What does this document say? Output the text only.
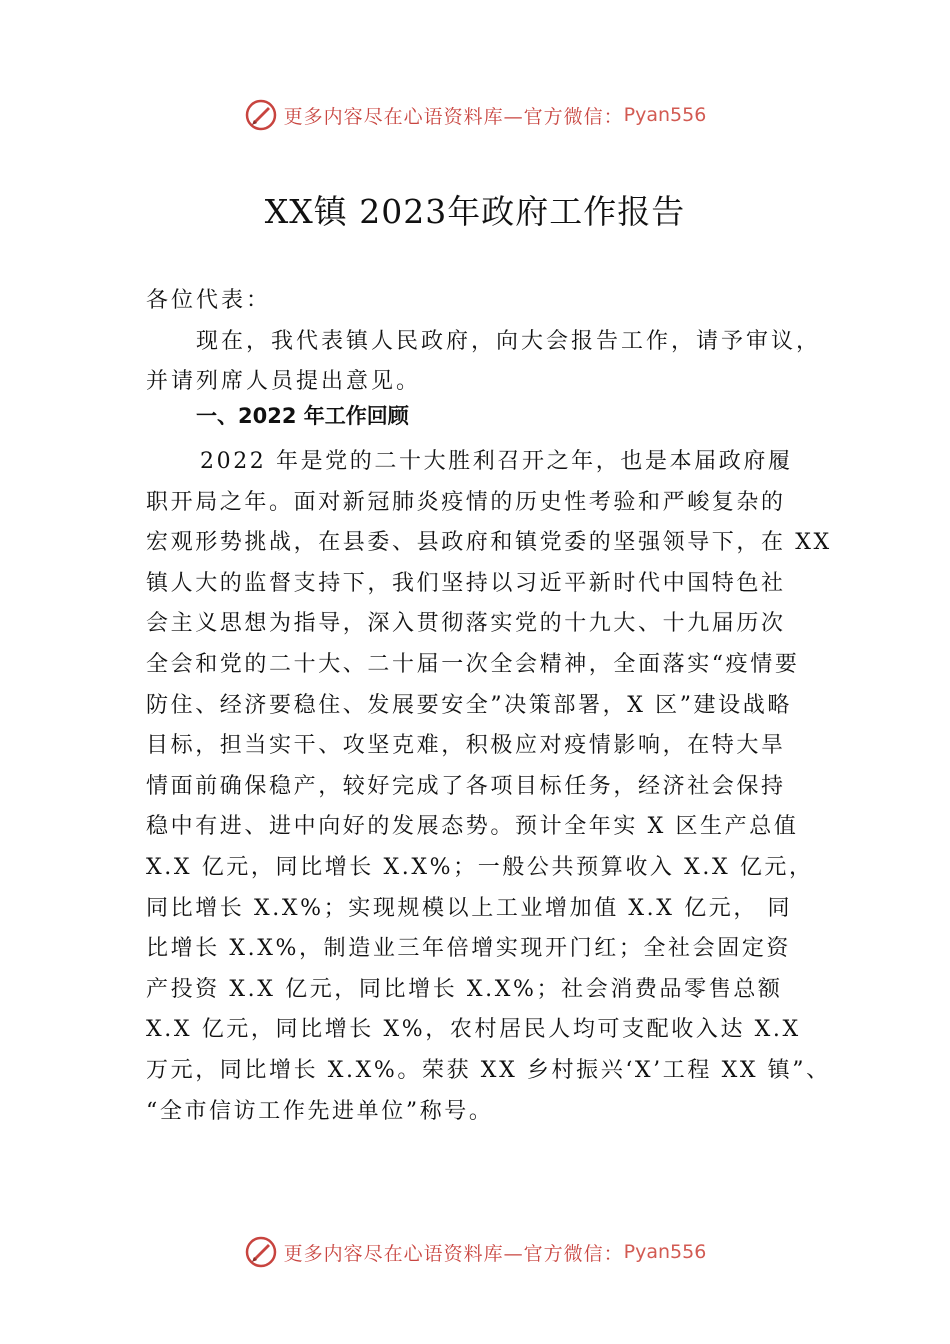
更多内容尽在心语资料库—官方微信： Pyan556
XX镇 2023年政府工作报告
各位代表：
现在，我代表镇人民政府，向大会报告工作，请予审议，
并请列席人员提出意见。
一、2022 年工作回顾
2022 年是党的二十大胜利召开之年，也是本届政府履
职开局之年。面对新冠肺炎疫情的历史性考验和严峻复杂的
宏观形势挑战，在县委、县政府和镇党委的坚强领导下，在 XX
镇人大的监督支持下，我们坚持以习近平新时代中国特色社
会主义思想为指导，深入贯彻落实党的十九大、十九届历次
全会和党的二十大、二十届一次全会精神，全面落实“疫情要
防住、经济要稳住、发展要安全”决策部署，X 区”建设战略
目标，担当实干、攻坚克难，积极应对疫情影响，在特大旱
情面前确保稳产，较好完成了各项目标任务，经济社会保持
稳中有进、进中向好的发展态势。预计全年实 X 区生产总值
X.X 亿元，同比增长 X.X%；一般公共预算收入 X.X 亿元，
同比增长 X.X%；实现规模以上工业增加值 X.X 亿元， 同
比增长 X.X%，制造业三年倍增实现开门红；全社会固定资
产投资 X.X 亿元，同比增长 X.X%；社会消费品零售总额
X.X 亿元，同比增长 X%，农村居民人均可支配收入达 X.X
万元，同比增长 X.X%。荣获 XX 乡村振兴‘X’工程 XX 镇”、
“全市信访工作先进单位”称号。
更多内容尽在心语资料库—官方微信： Pyan556
